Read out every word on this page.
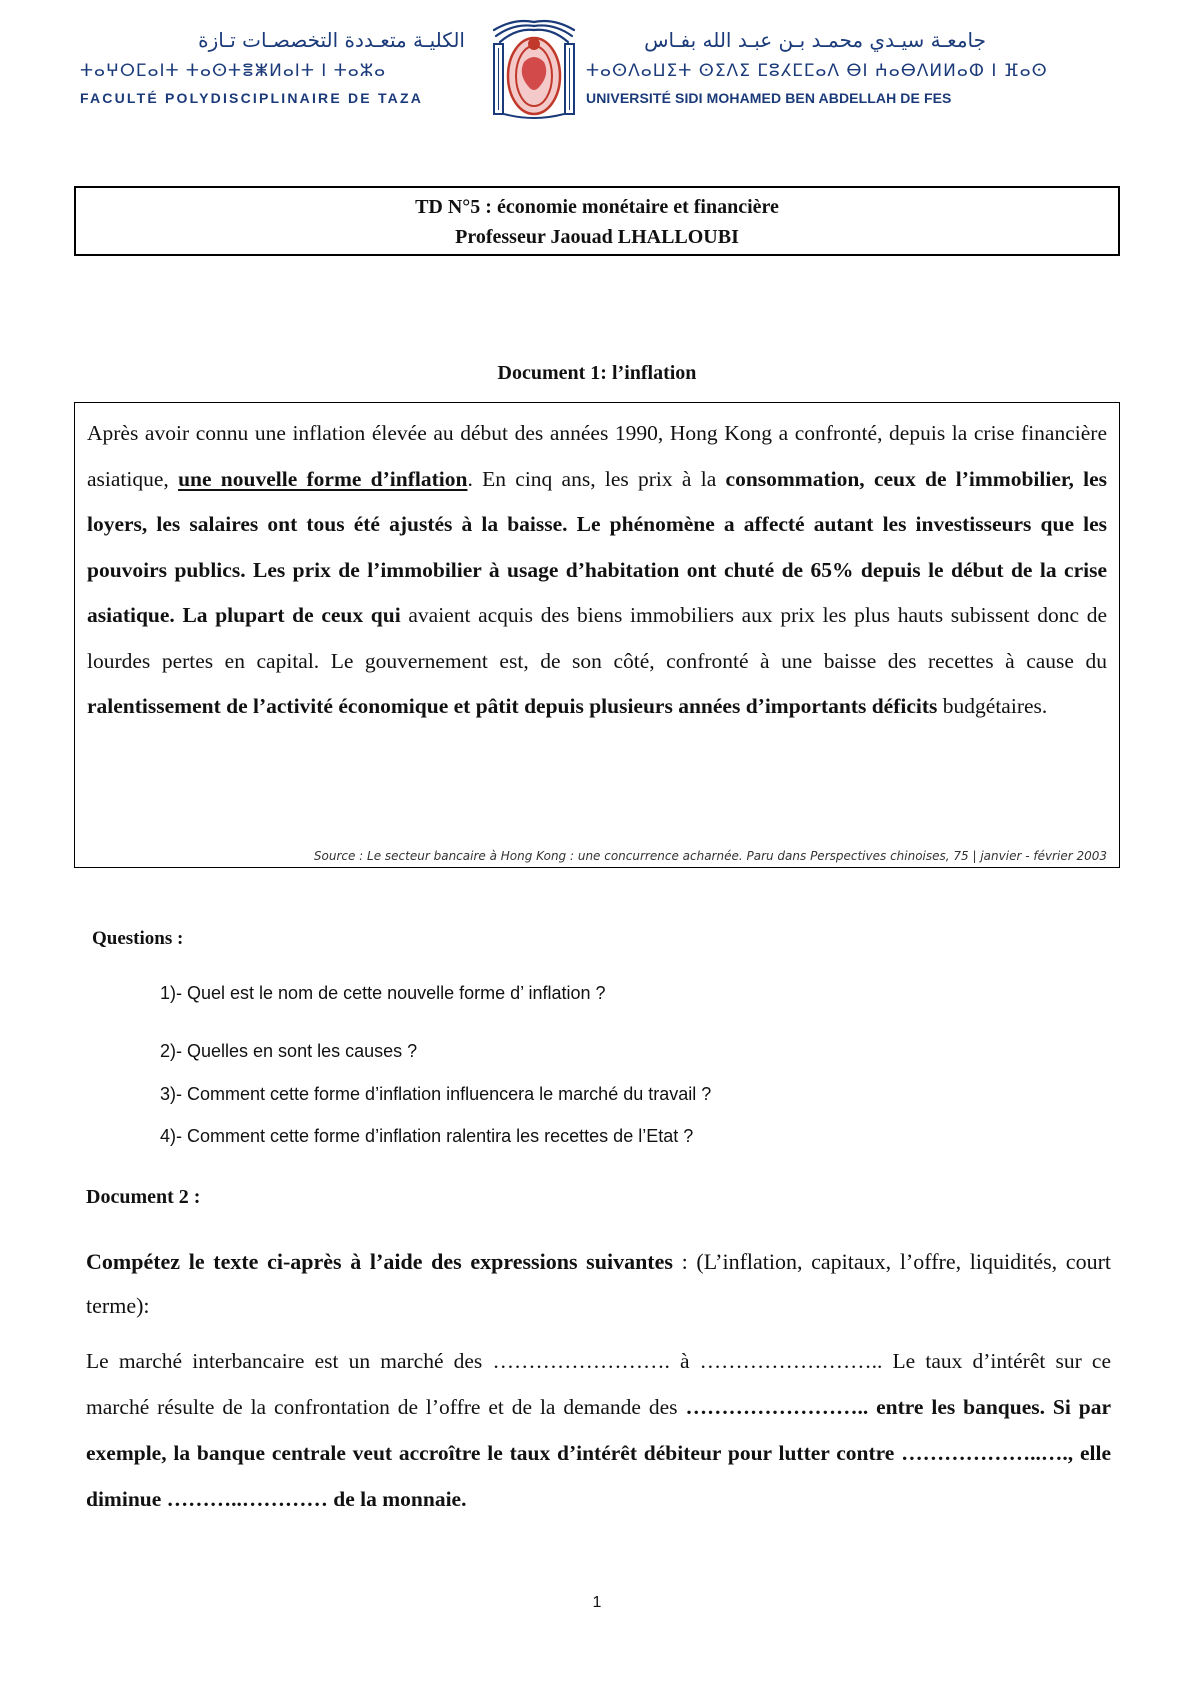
الكليـة متعـددة التخصصـات تـازة
ⵜⴰⵖⵔⵎⴰⵏⵜ ⵜⴰⵙⵜⴻⵥⵍⴰⵏⵜ ⵏ ⵜⴰⵣⴰ
FACULTÉ POLYDISCIPLINAIRE DE TAZA
جامعـة سيـدي محمـد بـن عبـد الله بفـاس
ⵜⴰⵙⴷⴰⵡⵉⵜ ⵙⵉⴷⵉ ⵎⵓⵃⵎⵎⴰⴷ ⴱⵏ ⵄⴰⴱⴷⵍⵍⴰⵀ ⵏ ⴼⴰⵙ
UNIVERSITÉ SIDI MOHAMED BEN ABDELLAH DE FES
TD N°5 : économie monétaire et financière
Professeur Jaouad LHALLOUBI
Document 1: l’inflation
Après avoir connu une inflation élevée au début des années 1990, Hong Kong a confronté, depuis la crise financière asiatique, une nouvelle forme d’inflation. En cinq ans, les prix à la consommation, ceux de l’immobilier, les loyers, les salaires ont tous été ajustés à la baisse. Le phénomène a affecté autant les investisseurs que les pouvoirs publics. Les prix de l’immobilier à usage d’habitation ont chuté de 65% depuis le début de la crise asiatique. La plupart de ceux qui avaient acquis des biens immobiliers aux prix les plus hauts subissent donc de lourdes pertes en capital. Le gouvernement est, de son côté, confronté à une baisse des recettes à cause du ralentissement de l’activité économique et pâtit depuis plusieurs années d’importants déficits budgétaires.
Source : Le secteur bancaire à Hong Kong : une concurrence acharnée. Paru dans Perspectives chinoises, 75 | janvier - février 2003
Questions :
1)- Quel est le nom de cette nouvelle forme d’ inflation ?
2)- Quelles en sont les causes ?
3)- Comment cette forme d’inflation influencera le marché du travail ?
4)- Comment cette forme d’inflation ralentira les recettes de l’Etat ?
Document 2 :
Compétez le texte ci-après à l’aide des expressions suivantes : (L’inflation, capitaux, l’offre, liquidités, court terme):
Le marché interbancaire est un marché des ……………………. à …………………….. Le taux d’intérêt sur ce marché résulte de la confrontation de l’offre et de la demande des …………………….. entre les banques. Si par exemple, la banque centrale veut accroître le taux d’intérêt débiteur pour lutter contre ………………..…., elle diminue ………..………… de la monnaie.
1
